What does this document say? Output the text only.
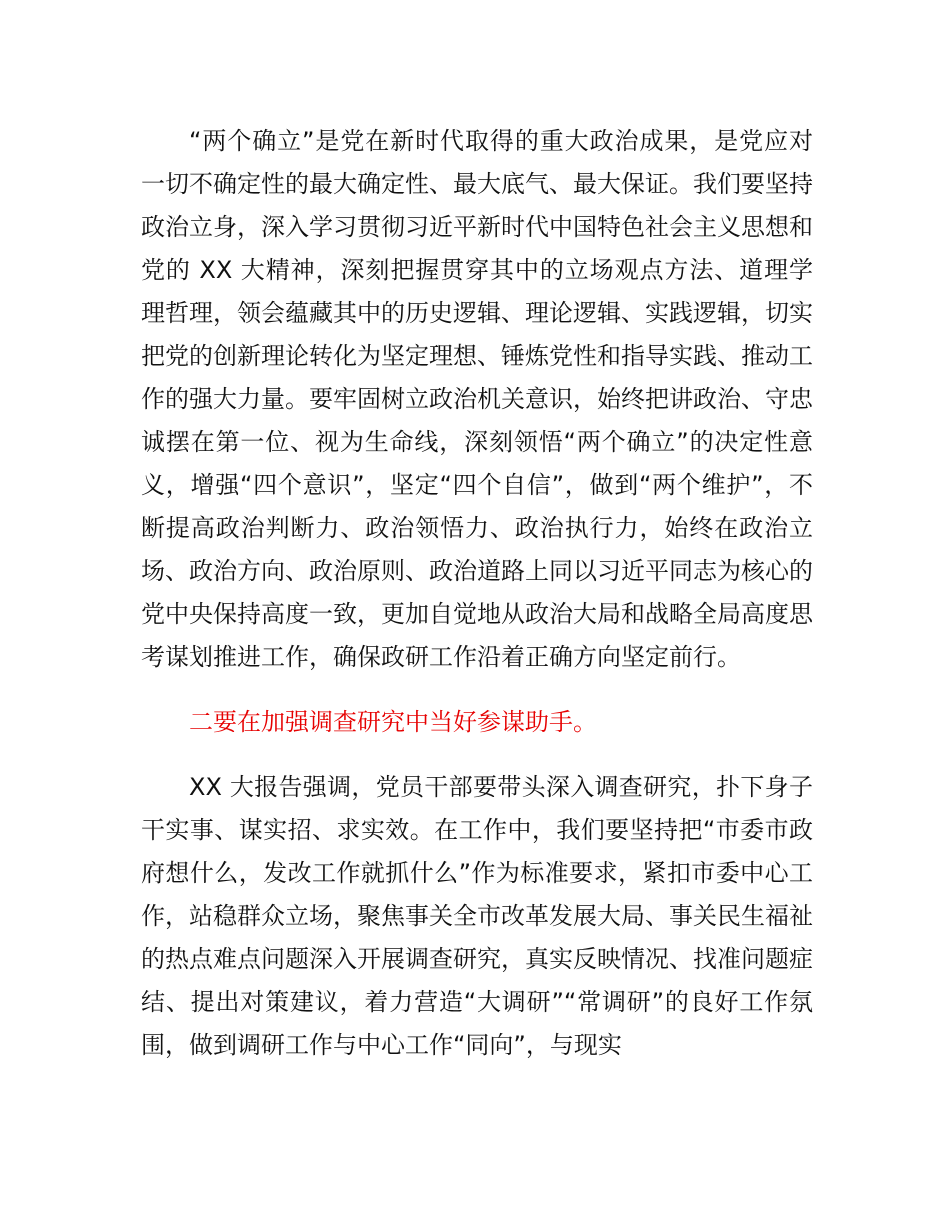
“两个确立”是党在新时代取得的重大政治成果，是党应对一切不确定性的最大确定性、最大底气、最大保证。我们要坚持政治立身，深入学习贯彻习近平新时代中国特色社会主义思想和党的 XX 大精神，深刻把握贯穿其中的立场观点方法、道理学理哲理，领会蕴藏其中的历史逻辑、理论逻辑、实践逻辑，切实把党的创新理论转化为坚定理想、锤炼党性和指导实践、推动工作的强大力量。要牢固树立政治机关意识，始终把讲政治、守忠诚摆在第一位、视为生命线，深刻领悟“两个确立”的决定性意义，增强“四个意识”，坚定“四个自信”，做到“两个维护”，不断提高政治判断力、政治领悟力、政治执行力，始终在政治立场、政治方向、政治原则、政治道路上同以习近平同志为核心的党中央保持高度一致，更加自觉地从政治大局和战略全局高度思考谋划推进工作，确保政研工作沿着正确方向坚定前行。

二要在加强调查研究中当好参谋助手。

XX 大报告强调，党员干部要带头深入调查研究，扑下身子干实事、谋实招、求实效。在工作中，我们要坚持把“市委市政府想什么，发改工作就抓什么”作为标准要求，紧扣市委中心工作，站稳群众立场，聚焦事关全市改革发展大局、事关民生福祉的热点难点问题深入开展调查研究，真实反映情况、找准问题症结、提出对策建议，着力营造“大调研”“常调研”的良好工作氛围，做到调研工作与中心工作“同向”，与现实
